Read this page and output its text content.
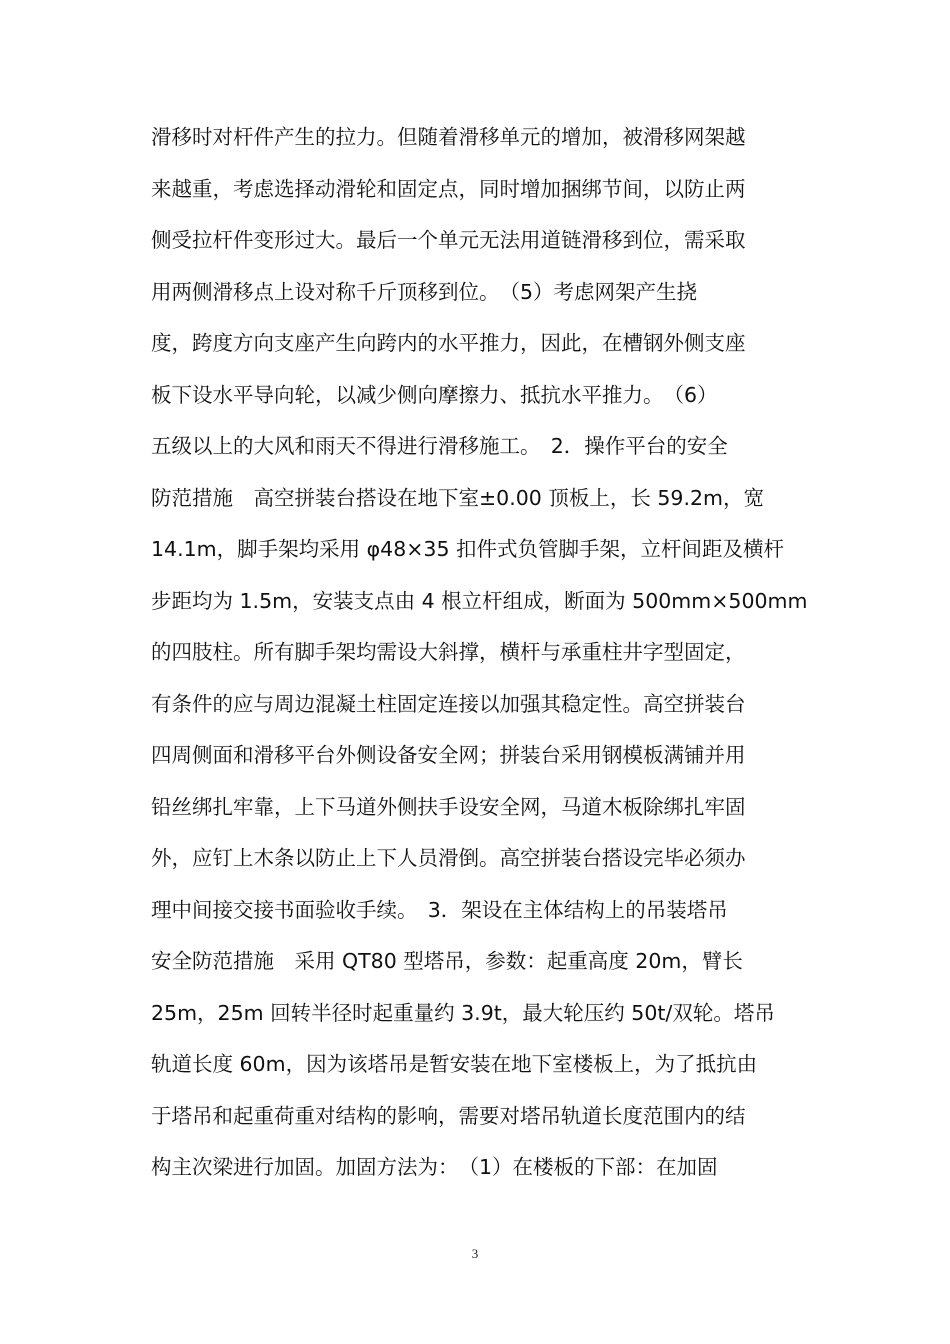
滑移时对杆件产生的拉力。但随着滑移单元的增加，被滑移网架越
来越重，考虑选择动滑轮和固定点，同时增加捆绑节间，以防止两
侧受拉杆件变形过大。最后一个单元无法用道链滑移到位，需采取
用两侧滑移点上设对称千斤顶移到位。　（5）考虑网架产生挠
度，跨度方向支座产生向跨内的水平推力，因此，在槽钢外侧支座
板下设水平导向轮，以减少侧向摩擦力、抵抗水平推力。　（6）
五级以上的大风和雨天不得进行滑移施工。　2．操作平台的安全
防范措施　高空拼装台搭设在地下室±0.00 顶板上，长 59.2m，宽
14.1m，脚手架均采用 φ48×35 扣件式负管脚手架，立杆间距及横杆
步距均为 1.5m，安装支点由 4 根立杆组成，断面为 500mm×500mm
的四肢柱。所有脚手架均需设大斜撑，横杆与承重柱井字型固定，
有条件的应与周边混凝土柱固定连接以加强其稳定性。高空拼装台
四周侧面和滑移平台外侧设备安全网；拼装台采用钢模板满铺并用
铅丝绑扎牢靠，上下马道外侧扶手设安全网，马道木板除绑扎牢固
外，应钉上木条以防止上下人员滑倒。高空拼装台搭设完毕必须办
理中间接交接书面验收手续。　3．架设在主体结构上的吊装塔吊
安全防范措施　采用 QT80 型塔吊，参数：起重高度 20m，臂长
25m，25m 回转半径时起重量约 3.9t，最大轮压约 50t/双轮。塔吊
轨道长度 60m，因为该塔吊是暂安装在地下室楼板上，为了抵抗由
于塔吊和起重荷重对结构的影响，需要对塔吊轨道长度范围内的结
构主次梁进行加固。加固方法为：　（1）在楼板的下部：在加固
3
